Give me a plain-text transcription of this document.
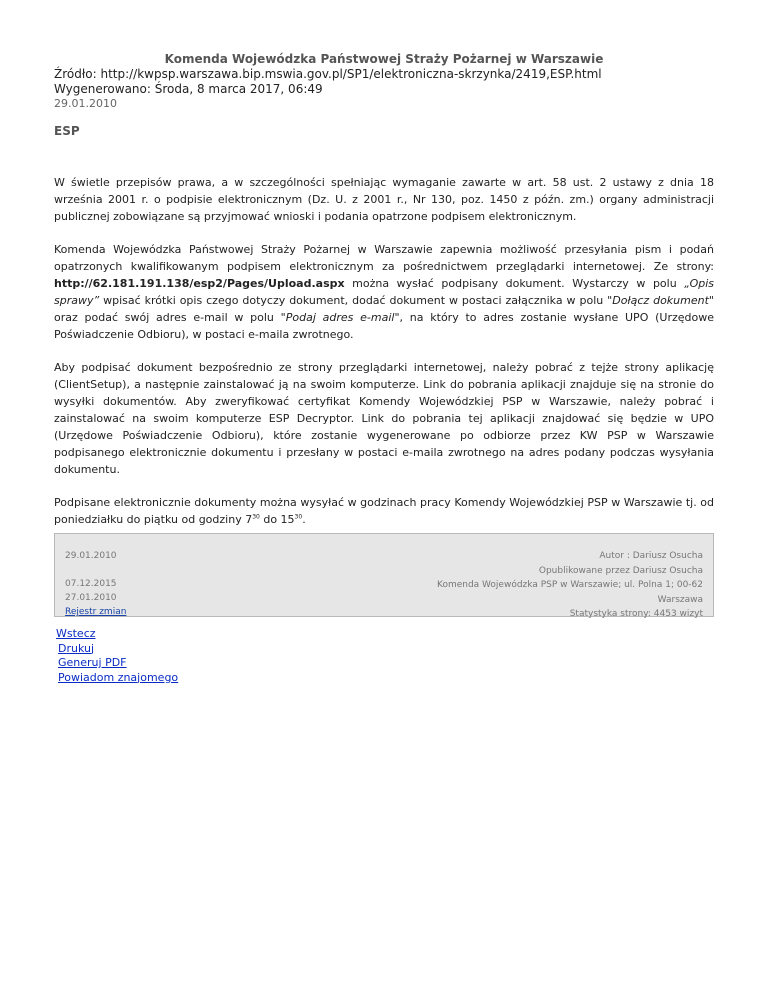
Komenda Wojewódzka Państwowej Straży Pożarnej w Warszawie
Źródło: http://kwpsp.warszawa.bip.mswia.gov.pl/SP1/elektroniczna-skrzynka/2419,ESP.html
Wygenerowano: Środa, 8 marca 2017, 06:49
29.01.2010
ESP

W świetle przepisów prawa, a w szczególności spełniając wymaganie zawarte w art. 58 ust. 2 ustawy z dnia 18 września 2001 r. o podpisie elektronicznym (Dz. U. z 2001 r., Nr 130, poz. 1450 z późn. zm.) organy administracji publicznej zobowiązane są przyjmować wnioski i podania opatrzone podpisem elektronicznym.

Komenda Wojewódzka Państwowej Straży Pożarnej w Warszawie zapewnia możliwość przesyłania pism i podań opatrzonych kwalifikowanym podpisem elektronicznym za pośrednictwem przeglądarki internetowej. Ze strony: http://62.181.191.138/esp2/Pages/Upload.aspx można wysłać podpisany dokument. Wystarczy w polu „Opis sprawy” wpisać krótki opis czego dotyczy dokument, dodać dokument w postaci załącznika w polu "Dołącz dokument" oraz podać swój adres e-mail w polu "Podaj adres e-mail", na który to adres zostanie wysłane UPO (Urzędowe Poświadczenie Odbioru), w postaci e-maila zwrotnego.

Aby podpisać dokument bezpośrednio ze strony przeglądarki internetowej, należy pobrać z tejże strony aplikację (ClientSetup), a następnie zainstalować ją na swoim komputerze. Link do pobrania aplikacji znajduje się na stronie do wysyłki dokumentów. Aby zweryfikować certyfikat Komendy Wojewódzkiej PSP w Warszawie, należy pobrać i zainstalować na swoim komputerze ESP Decryptor. Link do pobrania tej aplikacji znajdować się będzie w UPO (Urzędowe Poświadczenie Odbioru), które zostanie wygenerowane po odbiorze przez KW PSP w Warszawie podpisanego elektronicznie dokumentu i przesłany w postaci e-maila zwrotnego na adres podany podczas wysyłania dokumentu.

Podpisane elektronicznie dokumenty można wysyłać w godzinach pracy Komendy Wojewódzkiej PSP w Warszawie tj. od poniedziałku do piątku od godziny $7^{30}$ do $15^{30}$.

29.01.2010
07.12.2015
27.01.2010
Rejestr zmian
Autor : Dariusz Osucha
Opublikowane przez Dariusz Osucha
Komenda Wojewódzka PSP w Warszawie; ul. Polna 1; 00-62
Warszawa
Statystyka strony: 4453 wizyt
Wstecz
Drukuj
Generuj PDF
Powiadom znajomego
